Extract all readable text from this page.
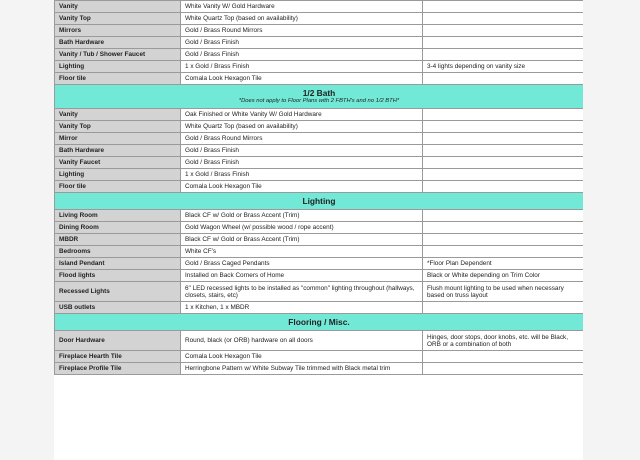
Vanity	White Vanity W/ Gold Hardware	
Vanity Top	White Quartz Top (based on availability)	
Mirrors	Gold / Brass Round Mirrors	
Bath Hardware	Gold / Brass Finish	
Vanity / Tub / Shower Faucet	Gold / Brass Finish	
Lighting	1 x Gold / Brass Finish	3-4 lights depending on vanity size
Floor tile	Comala Look Hexagon Tile	
1/2 Bath
*Does not apply to Floor Plans with 2 FBTH's and no 1/2 BTH*		

Vanity	Oak Finished or White Vanity W/ Gold Hardware	
Vanity Top	White Quartz Top (based on availability)	
Mirror	Gold / Brass Round Mirrors	
Bath Hardware	Gold / Brass Finish	
Vanity Faucet	Gold / Brass Finish	
Lighting	1 x Gold / Brass Finish	
Floor tile	Comala Look Hexagon Tile	
Lighting		
Living Room	Black CF w/ Gold or Brass Accent (Trim)	
Dining Room	Gold Wagon Wheel (w/ possible wood / rope accent)	
MBDR	Black CF w/ Gold or Brass Accent (Trim)	
Bedrooms	White CF's	
Island Pendant	Gold / Brass Caged Pendants	*Floor Plan Dependent
Flood lights	Installed on Back Corners of Home	Black or White depending on Trim Color
Recessed Lights	6" LED recessed lights to be installed as "common" lighting throughout (hallways, closets, stairs, etc)	Flush mount lighting to be used when necessary based on truss layout
USB outlets	1 x Kitchen, 1 x MBDR	
Flooring / Misc.		
Door Hardware	Round, black (or ORB) hardware on all doors	Hinges, door stops, door knobs, etc. will be Black, ORB or a combination of both
Fireplace Hearth Tile	Comala Look Hexagon Tile	
Fireplace Profile Tile	Herringbone Pattern w/ White Subway Tile trimmed with Black metal trim	
